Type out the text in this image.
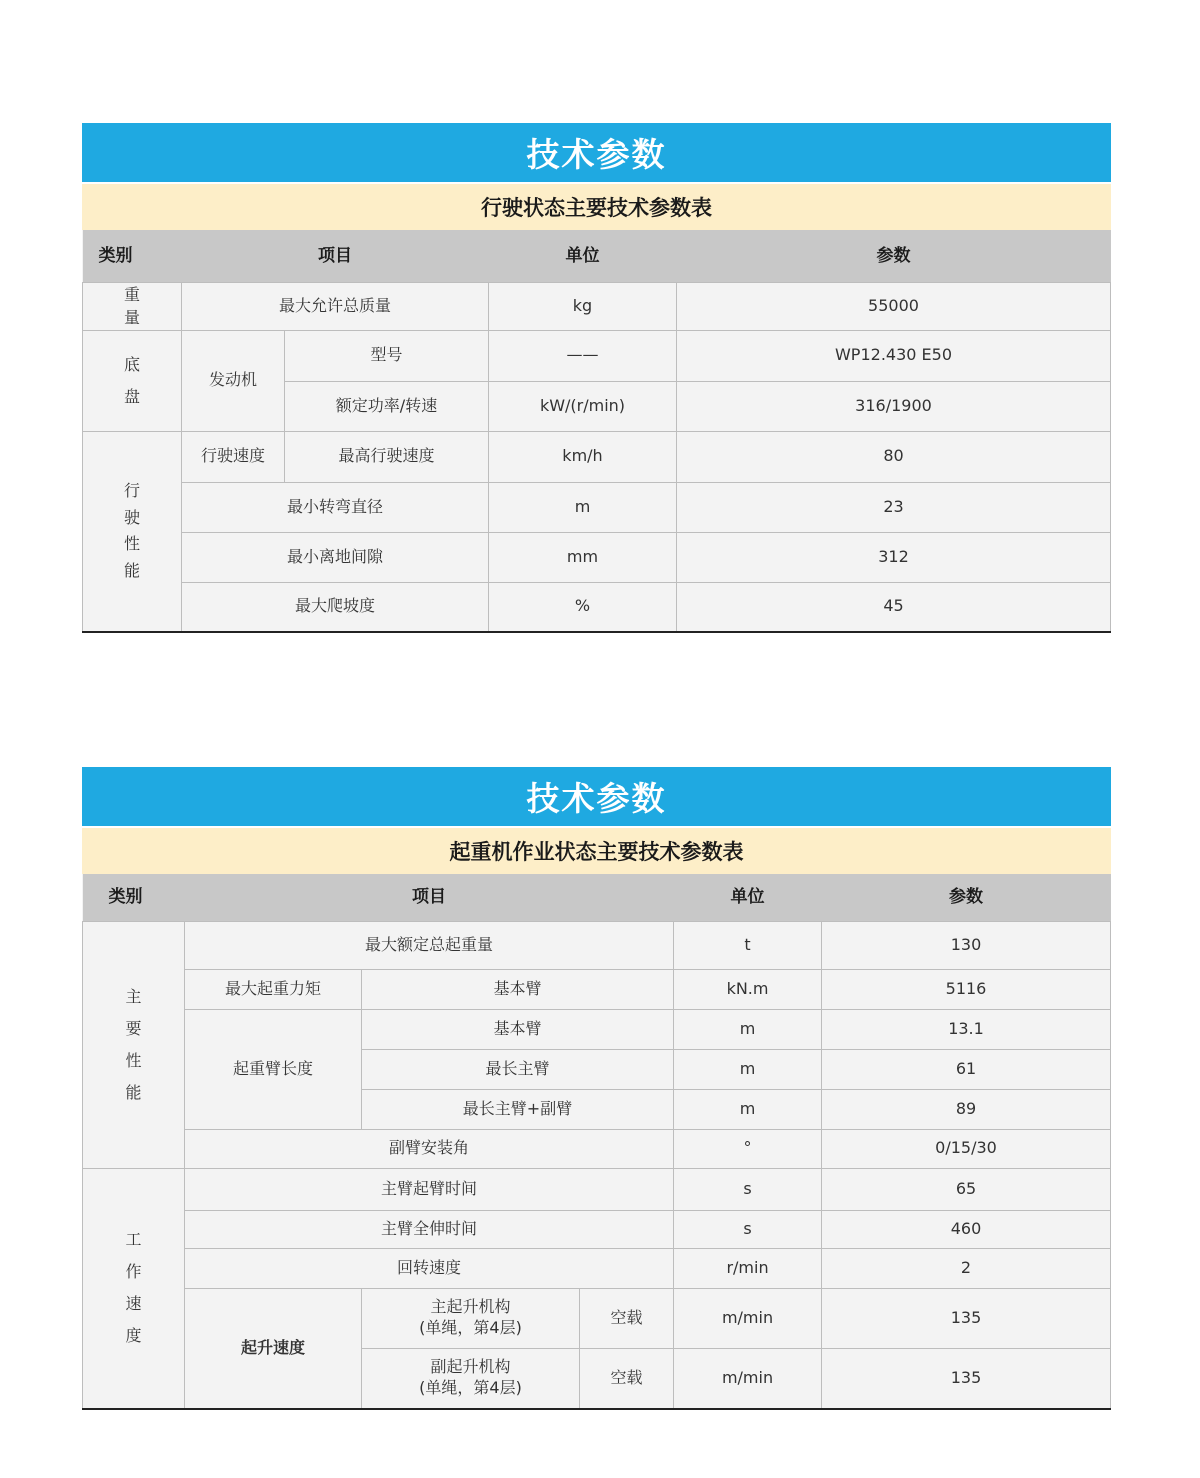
技术参数
行驶状态主要技术参数表
类别	项目		单位	参数
重
量	最大允许总质量		kg	55000
底
盘	发动机	型号	——	WP12.430 E50
		额定功率/转速	kW/(r/min)	316/1900
行
驶
性
能	行驶速度	最高行驶速度	km/h	80
	最小转弯直径		m	23
	最小离地间隙		mm	312
	最大爬坡度		%	45
技术参数
起重机作业状态主要技术参数表
类别	项目			单位	参数
主
要
性
能	最大额定总起重量			t	130
	最大起重力矩	基本臂		kN.m	5116
	起重臂长度	基本臂		m	13.1
		最长主臂		m	61
		最长主臂+副臂		m	89
	副臂安装角			°	0/15/30
工
作
速
度	主臂起臂时间			s	65
	主臂全伸时间			s	460
	回转速度			r/min	2
	起升速度	主起升机构
(单绳，第4层)	空载	m/min	135
		副起升机构
(单绳，第4层)	空载	m/min	135
